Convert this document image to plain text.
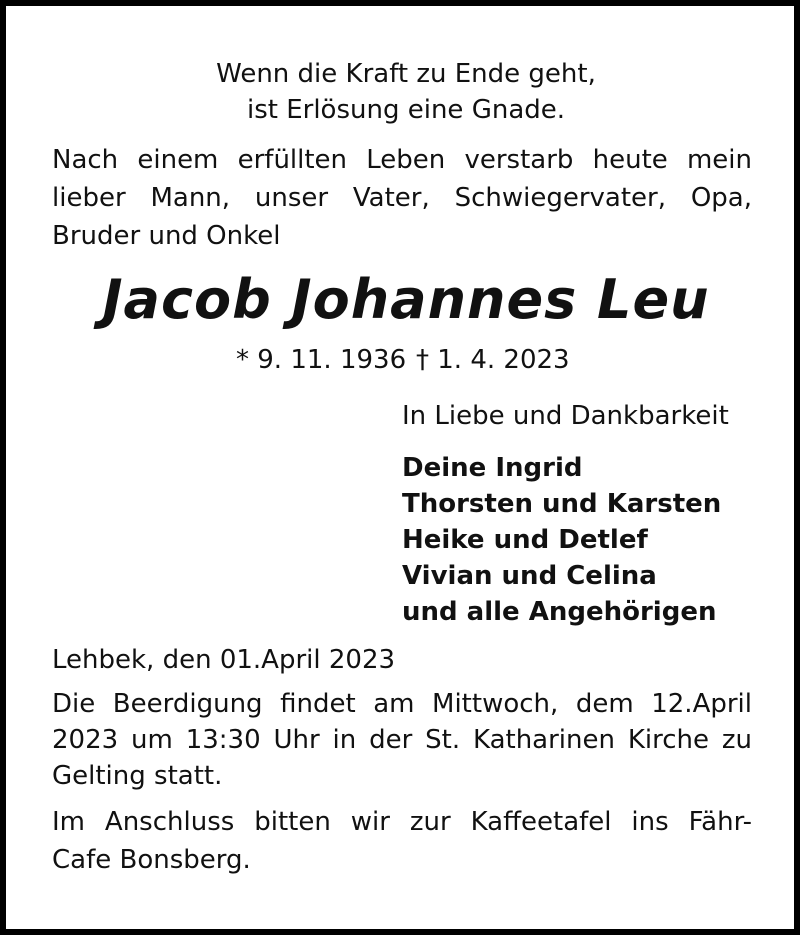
Wenn die Kraft zu Ende geht,
ist Erlösung eine Gnade.
Nach einem erfüllten Leben verstarb heute mein
lieber Mann, unser Vater, Schwiegervater, Opa,
Bruder und Onkel
Jacob Johannes Leu
* 9. 11. 1936 † 1. 4. 2023
In Liebe und Dankbarkeit
Deine Ingrid
Thorsten und Karsten
Heike und Detlef
Vivian und Celina
und alle Angehörigen
Lehbek, den 01.April 2023
Die Beerdigung findet am Mittwoch, dem 12.April
2023 um 13:30 Uhr in der St. Katharinen Kirche zu
Gelting statt.
Im Anschluss bitten wir zur Kaffeetafel ins Fähr-
Cafe Bonsberg.
